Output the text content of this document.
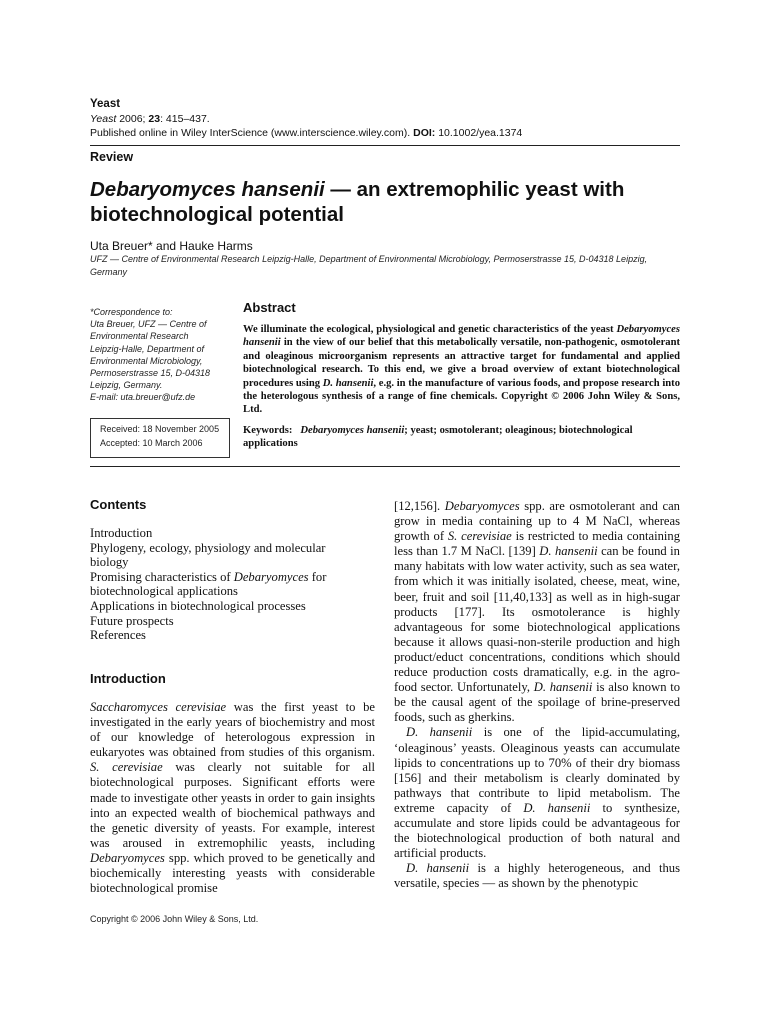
Yeast
Yeast 2006; 23: 415–437.
Published online in Wiley InterScience (www.interscience.wiley.com). DOI: 10.1002/yea.1374
Review
Debaryomyces hansenii — an extremophilic yeast with biotechnological potential
Uta Breuer* and Hauke Harms
UFZ — Centre of Environmental Research Leipzig-Halle, Department of Environmental Microbiology, Permoserstrasse 15, D-04318 Leipzig, Germany
*Correspondence to:
Uta Breuer, UFZ — Centre of
Environmental Research
Leipzig-Halle, Department of
Environmental Microbiology,
Permoserstrasse 15, D-04318
Leipzig, Germany.
E-mail: uta.breuer@ufz.de
Received: 18 November 2005
Accepted: 10 March 2006
Abstract
We illuminate the ecological, physiological and genetic characteristics of the yeast Debaryomyces hansenii in the view of our belief that this metabolically versatile, non-pathogenic, osmotolerant and oleaginous microorganism represents an attractive target for fundamental and applied biotechnological research. To this end, we give a broad overview of extant biotechnological procedures using D. hansenii, e.g. in the manufacture of various foods, and propose research into the heterologous synthesis of a range of fine chemicals. Copyright © 2006 John Wiley & Sons, Ltd.
Keywords: Debaryomyces hansenii; yeast; osmotolerant; oleaginous; biotechnological applications
Contents
Introduction
Phylogeny, ecology, physiology and molecular biology
Promising characteristics of Debaryomyces for biotechnological applications
Applications in biotechnological processes
Future prospects
References
Introduction

Saccharomyces cerevisiae was the first yeast to be investigated in the early years of biochemistry and most of our knowledge of heterologous expression in eukaryotes was obtained from studies of this organism. S. cerevisiae was clearly not suitable for all biotechnological purposes. Significant efforts were made to investigate other yeasts in order to gain insights into an expected wealth of biochemical pathways and the genetic diversity of yeasts. For example, interest was aroused in extremophilic yeasts, including Debaryomyces spp. which proved to be genetically and biochemically interesting yeasts with considerable biotechnological promise

[12,156]. Debaryomyces spp. are osmotolerant and can grow in media containing up to 4 M NaCl, whereas growth of S. cerevisiae is restricted to media containing less than 1.7 M NaCl. [139] D. hansenii can be found in many habitats with low water activity, such as sea water, from which it was initially isolated, cheese, meat, wine, beer, fruit and soil [11,40,133] as well as in high-sugar products [177]. Its osmotolerance is highly advantageous for some biotechnological applications because it allows quasi-non-sterile production and high product/educt concentrations, conditions which should reduce production costs dramatically, e.g. in the agro-food sector. Unfortunately, D. hansenii is also known to be the causal agent of the spoilage of brine-preserved foods, such as gherkins.

D. hansenii is one of the lipid-accumulating, ‘oleaginous’ yeasts. Oleaginous yeasts can accumulate lipids to concentrations up to 70% of their dry biomass [156] and their metabolism is clearly dominated by pathways that contribute to lipid metabolism. The extreme capacity of D. hansenii to synthesize, accumulate and store lipids could be advantageous for the biotechnological production of both natural and artificial products.

D. hansenii is a highly heterogeneous, and thus versatile, species — as shown by the phenotypic

Copyright © 2006 John Wiley & Sons, Ltd.
